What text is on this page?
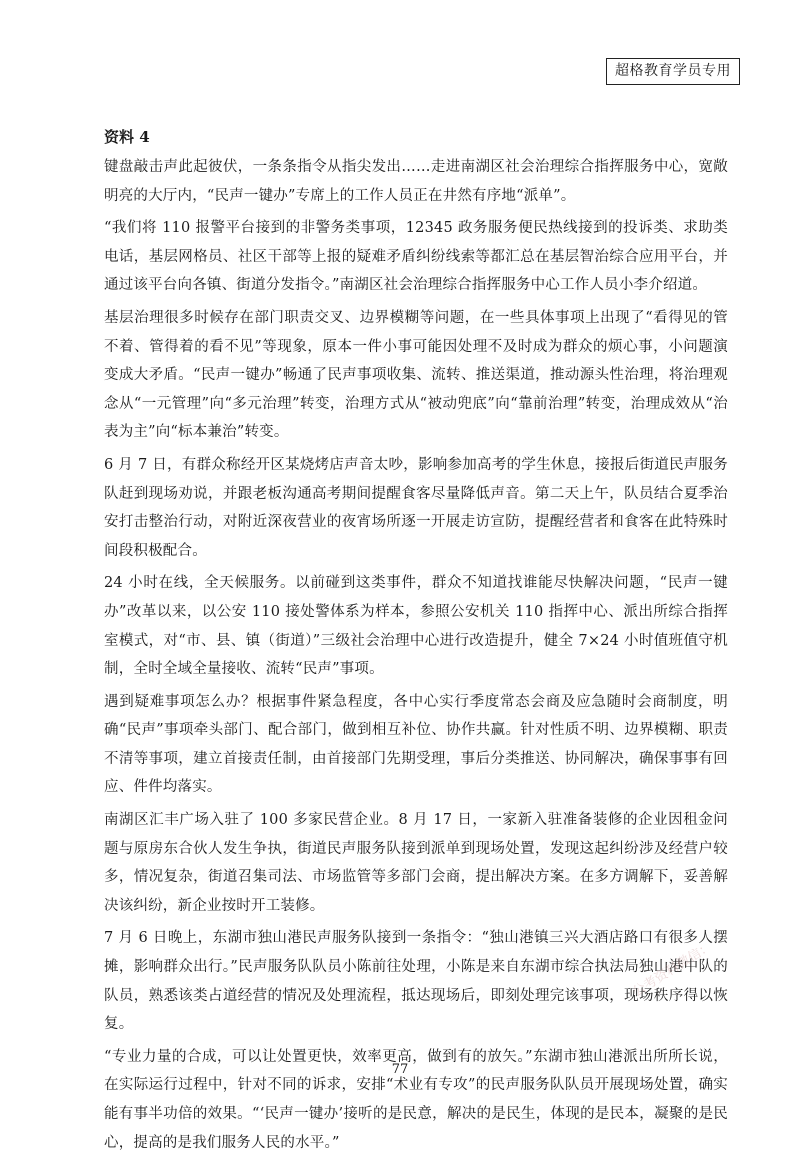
超格教育学员专用
资料 4

键盘敲击声此起彼伏，一条条指令从指尖发出……走进南湖区社会治理综合指挥服务中心，宽敞明亮的大厅内，“民声一键办”专席上的工作人员正在井然有序地“派单”。

“我们将 110 报警平台接到的非警务类事项，12345 政务服务便民热线接到的投诉类、求助类电话，基层网格员、社区干部等上报的疑难矛盾纠纷线索等都汇总在基层智治综合应用平台，并通过该平台向各镇、街道分发指令。”南湖区社会治理综合指挥服务中心工作人员小李介绍道。

基层治理很多时候存在部门职责交叉、边界模糊等问题，在一些具体事项上出现了“看得见的管不着、管得着的看不见”等现象，原本一件小事可能因处理不及时成为群众的烦心事，小问题演变成大矛盾。“民声一键办”畅通了民声事项收集、流转、推送渠道，推动源头性治理，将治理观念从“一元管理”向“多元治理”转变，治理方式从“被动兜底”向“靠前治理”转变，治理成效从“治表为主”向“标本兼治”转变。

6 月 7 日，有群众称经开区某烧烤店声音太吵，影响参加高考的学生休息，接报后街道民声服务队赶到现场劝说，并跟老板沟通高考期间提醒食客尽量降低声音。第二天上午，队员结合夏季治安打击整治行动，对附近深夜营业的夜宵场所逐一开展走访宣防，提醒经营者和食客在此特殊时间段积极配合。

24 小时在线，全天候服务。以前碰到这类事件，群众不知道找谁能尽快解决问题，“民声一键办”改革以来，以公安 110 接处警体系为样本，参照公安机关 110 指挥中心、派出所综合指挥室模式，对“市、县、镇（街道）”三级社会治理中心进行改造提升，健全 7×24 小时值班值守机制，全时全域全量接收、流转“民声”事项。

遇到疑难事项怎么办？根据事件紧急程度，各中心实行季度常态会商及应急随时会商制度，明确“民声”事项牵头部门、配合部门，做到相互补位、协作共赢。针对性质不明、边界模糊、职责不清等事项，建立首接责任制，由首接部门先期受理，事后分类推送、协同解决，确保事事有回应、件件均落实。

南湖区汇丰广场入驻了 100 多家民营企业。8 月 17 日，一家新入驻准备装修的企业因租金问题与原房东合伙人发生争执，街道民声服务队接到派单到现场处置，发现这起纠纷涉及经营户较多，情况复杂，街道召集司法、市场监管等多部门会商，提出解决方案。在多方调解下，妥善解决该纠纷，新企业按时开工装修。

7 月 6 日晚上，东湖市独山港民声服务队接到一条指令：“独山港镇三兴大酒店路口有很多人摆摊，影响群众出行。”民声服务队队员小陈前往处理，小陈是来自东湖市综合执法局独山港中队的队员，熟悉该类占道经营的情况及处理流程，抵达现场后，即刻处理完该事项，现场秩序得以恢复。

“专业力量的合成，可以让处置更快，效率更高，做到有的放矢。”东湖市独山港派出所所长说，在实际运行过程中，针对不同的诉求，安排“术业有专攻”的民声服务队队员开展现场处置，确实能有事半功倍的效果。“‘民声一键办’接听的是民意，解决的是民生，体现的是民本，凝聚的是民心，提高的是我们服务人民的水平。”

公考资料微信：
77
